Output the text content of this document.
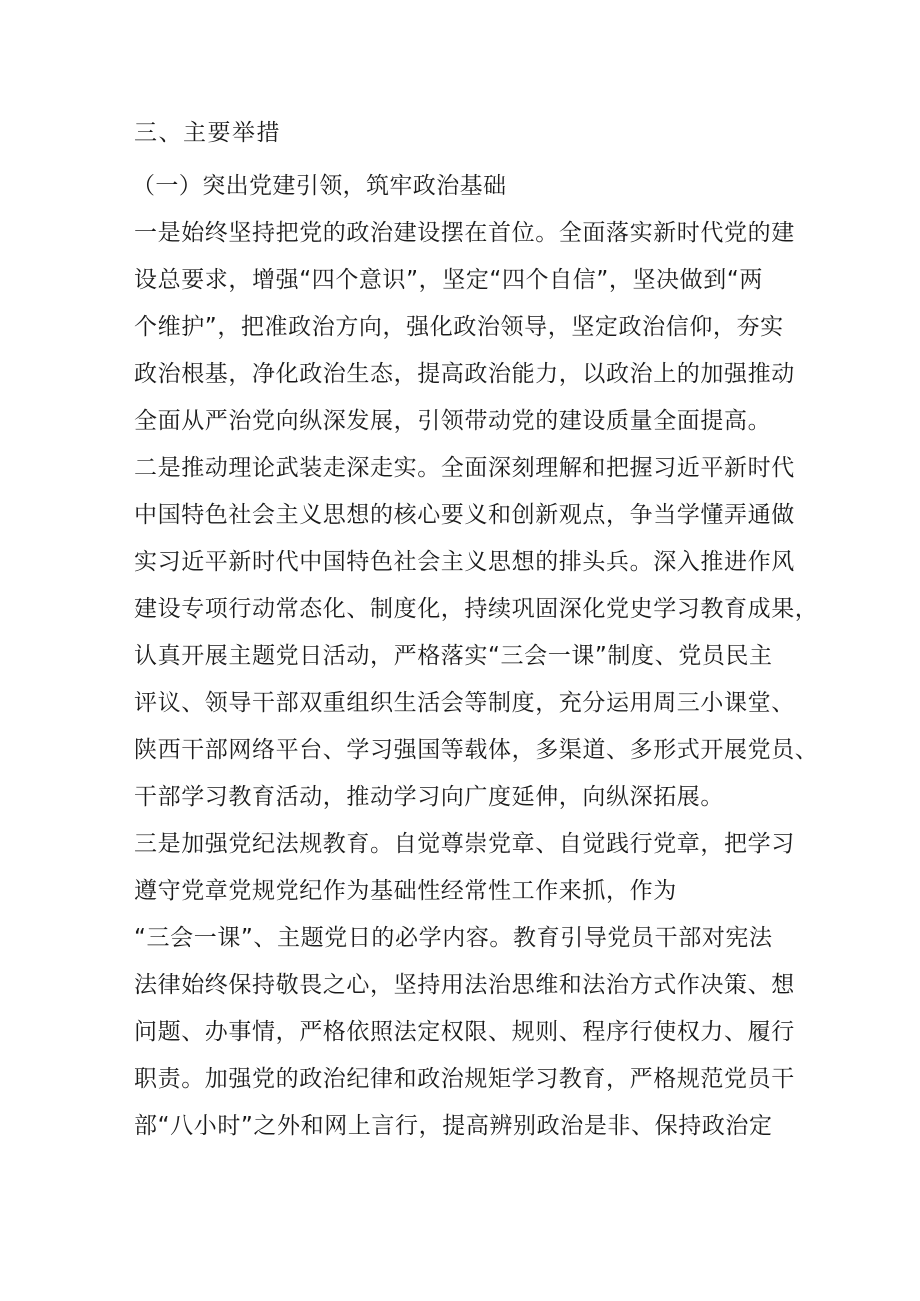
三、主要举措
（一）突出党建引领，筑牢政治基础
一是始终坚持把党的政治建设摆在首位。全面落实新时代党的建
设总要求，增强“四个意识”，坚定“四个自信”，坚决做到“两
个维护”，把准政治方向，强化政治领导，坚定政治信仰，夯实
政治根基，净化政治生态，提高政治能力，以政治上的加强推动
全面从严治党向纵深发展，引领带动党的建设质量全面提高。
二是推动理论武装走深走实。全面深刻理解和把握习近平新时代
中国特色社会主义思想的核心要义和创新观点，争当学懂弄通做
实习近平新时代中国特色社会主义思想的排头兵。深入推进作风
建设专项行动常态化、制度化，持续巩固深化党史学习教育成果，
认真开展主题党日活动，严格落实“三会一课”制度、党员民主
评议、领导干部双重组织生活会等制度，充分运用周三小课堂、
陕西干部网络平台、学习强国等载体，多渠道、多形式开展党员、
干部学习教育活动，推动学习向广度延伸，向纵深拓展。
三是加强党纪法规教育。自觉尊崇党章、自觉践行党章，把学习
遵守党章党规党纪作为基础性经常性工作来抓，作为
“三会一课”、主题党日的必学内容。教育引导党员干部对宪法
法律始终保持敬畏之心，坚持用法治思维和法治方式作决策、想
问题、办事情，严格依照法定权限、规则、程序行使权力、履行
职责。加强党的政治纪律和政治规矩学习教育，严格规范党员干
部“八小时”之外和网上言行，提高辨别政治是非、保持政治定
